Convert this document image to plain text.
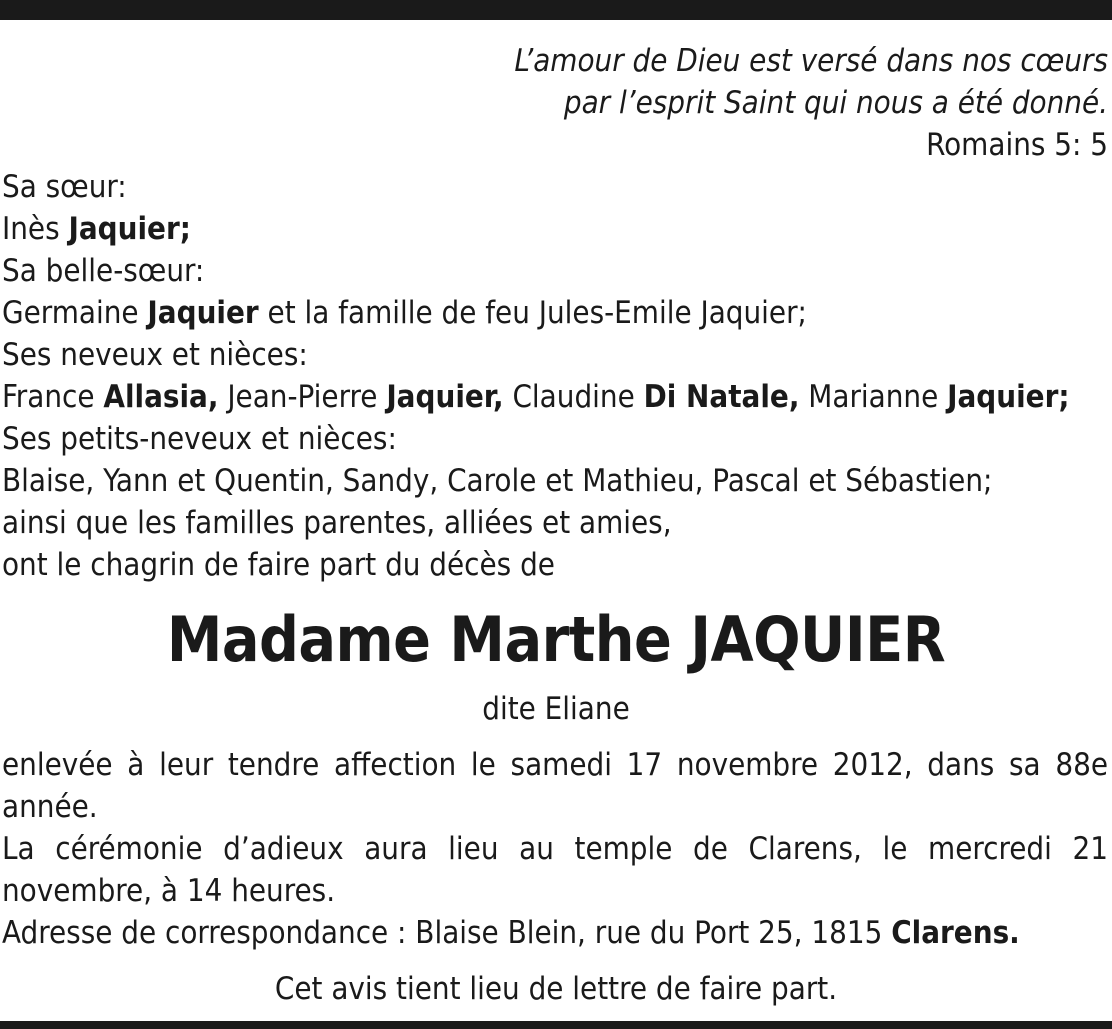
L’amour de Dieu est versé dans nos cœurs
par l’esprit Saint qui nous a été donné.
Romains 5: 5
Sa sœur:
Inès Jaquier;
Sa belle-sœur:
Germaine Jaquier et la famille de feu Jules-Emile Jaquier;
Ses neveux et nièces:
France Allasia, Jean-Pierre Jaquier, Claudine Di Natale, Marianne Jaquier;
Ses petits-neveux et nièces:
Blaise, Yann et Quentin, Sandy, Carole et Mathieu, Pascal et Sébastien;
ainsi que les familles parentes, alliées et amies,
ont le chagrin de faire part du décès de
Madame Marthe JAQUIER
dite Eliane
enlevée à leur tendre affection le samedi 17 novembre 2012, dans sa 88e année.
La cérémonie d’adieux aura lieu au temple de Clarens, le mercredi 21 novembre, à 14 heures.
Adresse de correspondance : Blaise Blein, rue du Port 25, 1815 Clarens.
Cet avis tient lieu de lettre de faire part.
